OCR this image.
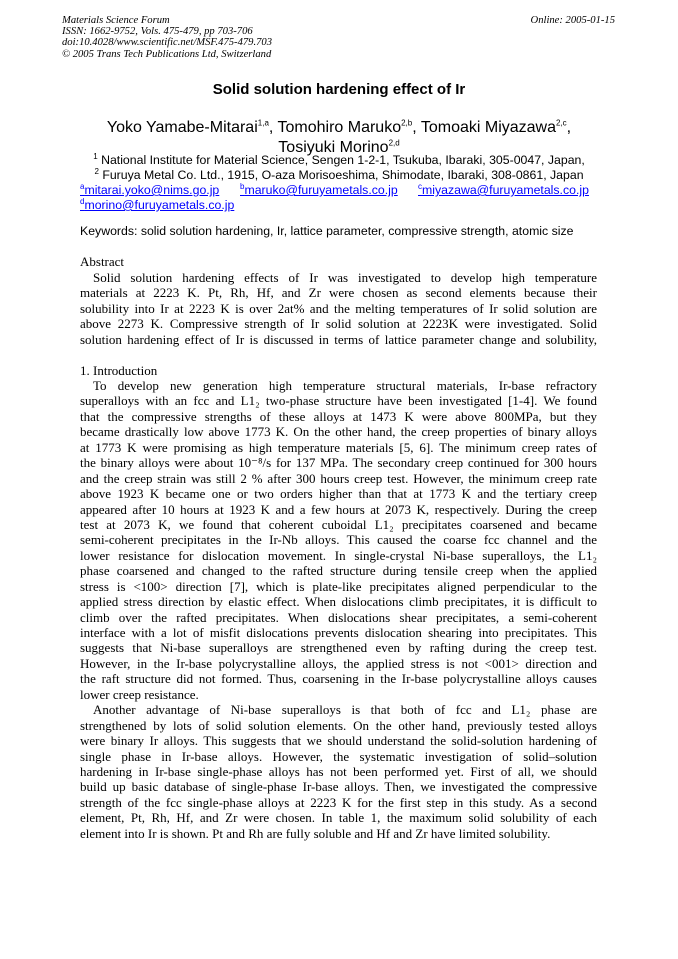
Materials Science Forum
ISSN: 1662-9752, Vols. 475-479, pp 703-706
doi:10.4028/www.scientific.net/MSF.475-479.703
© 2005 Trans Tech Publications Ltd, Switzerland
Online: 2005-01-15
Solid solution hardening effect of Ir
Yoko Yamabe-Mitarai$^{1,a}$, Tomohiro Maruko$^{2,b}$, Tomoaki Miyazawa$^{2,c}$,
Tosiyuki Morino$^{2,d}$
$^1$ National Institute for Material Science, Sengen 1-2-1, Tsukuba, Ibaraki, 305-0047, Japan,
$^2$ Furuya Metal Co. Ltd., 1915, O-aza Morisoeshima, Shimodate, Ibaraki, 308-0861, Japan
$^a$mitarai.yoko@nims.go.jp	$^b$maruko@furuyametals.co.jp	$^c$miyazawa@furuyametals.co.jp
$^d$morino@furuyametals.co.jp
Keywords: solid solution hardening, Ir, lattice parameter, compressive strength, atomic size
Abstract
Solid solution hardening effects of Ir was investigated to develop high temperature
materials at 2223 K. Pt, Rh, Hf, and Zr were chosen as second elements because their
solubility into Ir at 2223 K is over 2at% and the melting temperatures of Ir solid solution are
above 2273 K. Compressive strength of Ir solid solution at 2223K were investigated. Solid
solution hardening effect of Ir is discussed in terms of lattice parameter change and solubility,
1. Introduction
To develop new generation high temperature structural materials, Ir-base refractory
superalloys with an fcc and L1₂ two-phase structure have been investigated [1-4]. We found
that the compressive strengths of these alloys at 1473 K were above 800MPa, but they
became drastically low above 1773 K. On the other hand, the creep properties of binary alloys
at 1773 K were promising as high temperature materials [5, 6]. The minimum creep rates of
the binary alloys were about 10⁻⁸/s for 137 MPa. The secondary creep continued for 300 hours
and the creep strain was still 2 % after 300 hours creep test. However, the minimum creep rate
above 1923 K became one or two orders higher than that at 1773 K and the tertiary creep
appeared after 10 hours at 1923 K and a few hours at 2073 K, respectively. During the creep
test at 2073 K, we found that coherent cuboidal L1₂ precipitates coarsened and became
semi-coherent precipitates in the Ir-Nb alloys. This caused the coarse fcc channel and the
lower resistance for dislocation movement. In single-crystal Ni-base superalloys, the L1₂
phase coarsened and changed to the rafted structure during tensile creep when the applied
stress is <100> direction [7], which is plate-like precipitates aligned perpendicular to the
applied stress direction by elastic effect. When dislocations climb precipitates, it is difficult to
climb over the rafted precipitates. When dislocations shear precipitates, a semi-coherent
interface with a lot of misfit dislocations prevents dislocation shearing into precipitates. This
suggests that Ni-base superalloys are strengthened even by rafting during the creep test.
However, in the Ir-base polycrystalline alloys, the applied stress is not <001> direction and
the raft structure did not formed. Thus, coarsening in the Ir-base polycrystalline alloys causes
lower creep resistance.
Another advantage of Ni-base superalloys is that both of fcc and L1₂ phase are
strengthened by lots of solid solution elements. On the other hand, previously tested alloys
were binary Ir alloys. This suggests that we should understand the solid-solution hardening of
single phase in Ir-base alloys. However, the systematic investigation of solid–solution
hardening in Ir-base single-phase alloys has not been performed yet. First of all, we should
build up basic database of single-phase Ir-base alloys. Then, we investigated the compressive
strength of the fcc single-phase alloys at 2223 K for the first step in this study. As a second
element, Pt, Rh, Hf, and Zr were chosen. In table 1, the maximum solid solubility of each
element into Ir is shown. Pt and Rh are fully soluble and Hf and Zr have limited solubility.
